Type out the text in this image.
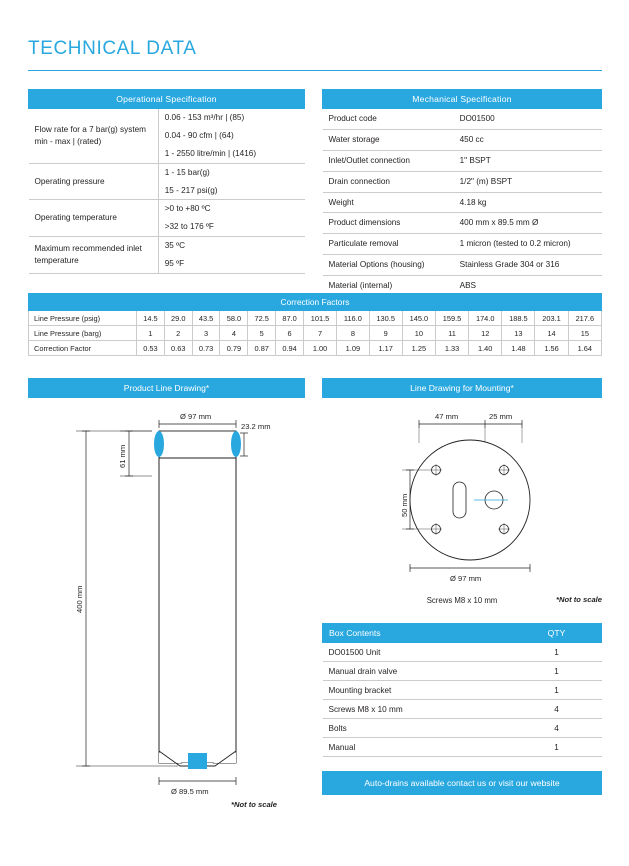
TECHNICAL DATA
Operational Specification	
Flow rate for a 7 bar(g) system min - max | (rated)	0.06 - 153 m³/hr | (85)
0.04 - 90 cfm | (64)
1 - 2550 litre/min | (1416)

Operating pressure	1 - 15 bar(g)
15 - 217 psi(g)

Operating temperature	>0 to +80 ºC
>32 to 176 ºF

Maximum recommended inlet temperature	35 ºC
95 ºF
Mechanical Specification	
Product code	DO01500
Water storage	450 cc
Inlet/Outlet connection	1" BSPT
Drain connection	1/2" (m) BSPT
Weight	4.18 kg
Product dimensions	400 mm x 89.5 mm Ø
Particulate removal	1 micron (tested to 0.2 micron)
Material Options (housing)	Stainless Grade 304 or 316
Material (internal)	ABS
Correction Factors															
Line Pressure (psig)	14.5	29.0	43.5	58.0	72.5	87.0	101.5	116.0	130.5	145.0	159.5	174.0	188.5	203.1	217.6
Line Pressure (barg)	1	2	3	4	5	6	7	8	9	10	11	12	13	14	15
Correction Factor	0.53	0.63	0.73	0.79	0.87	0.94	1.00	1.09	1.17	1.25	1.33	1.40	1.48	1.56	1.64
Product Line Drawing*
Ø 97 mm
23.2 mm
61 mm
400 mm
Ø 89.5 mm
*Not to scale
Line Drawing for Mounting*
47 mm	25 mm
50 mm
Ø 97 mm
Screws M8 x 10 mm	*Not to scale
Box Contents	QTY
DO01500 Unit	1
Manual drain valve	1
Mounting bracket	1
Screws M8 x 10 mm	4
Bolts	4
Manual	1
Auto-drains available contact us or visit our website
